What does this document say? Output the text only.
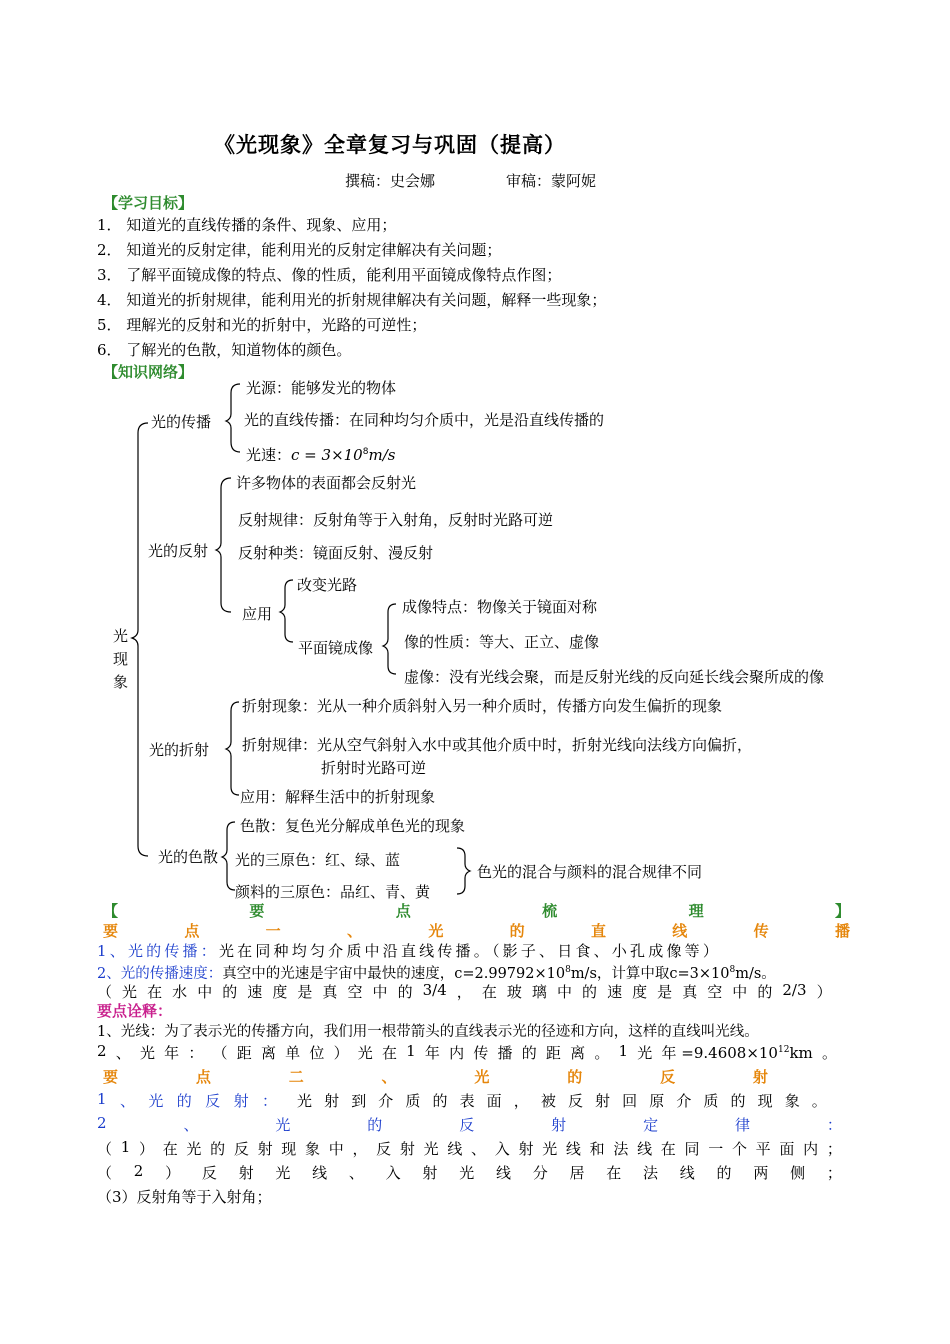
《光现象》全章复习与巩固（提高）
撰稿：史会娜	审稿：蒙阿妮
【学习目标】
1． 知道光的直线传播的条件、现象、应用；
2． 知道光的反射定律，能利用光的反射定律解决有关问题；
3． 了解平面镜成像的特点、像的性质，能利用平面镜成像特点作图；
4． 知道光的折射规律，能利用光的折射规律解决有关问题，解释一些现象；
5． 理解光的反射和光的折射中，光路的可逆性；
6． 了解光的色散，知道物体的颜色。
【知识网络】
光
现
象
光的传播
光源：能够发光的物体
光的直线传播：在同种均匀介质中，光是沿直线传播的
光速：$c = 3\times 10^8m/s$
光的反射
许多物体的表面都会反射光
反射规律：反射角等于入射角，反射时光路可逆
反射种类：镜面反射、漫反射
应用
改变光路
平面镜成像
成像特点：物像关于镜面对称
像的性质：等大、正立、虚像
虚像：没有光线会聚，而是反射光线的反向延长线会聚所成的像
光的折射
折射现象：光从一种介质斜射入另一种介质时，传播方向发生偏折的现象
折射规律：光从空气斜射入水中或其他介质中时，折射光线向法线方向偏折，
折射时光路可逆
应用：解释生活中的折射现象
光的色散
色散：复色光分解成单色光的现象
光的三原色：红、绿、蓝
颜料的三原色：品红、青、黄
色光的混合与颜料的混合规律不同
【	要	点	梳	理	】
要	点	一	、	光	的	直	线	传	播
1、光的传播：光在同种均匀介质中沿直线传播。（影子、日食、小孔成像等）
2、光的传播速度：真空中的光速是宇宙中最快的速度，$c=2.99792\times 10^8m/s$，计算中取$c=3\times 10^8m/s$。
（ 光 在 水 中 的 速 度 是 真 空 中 的 3/4 ， 在 玻 璃 中 的 速 度 是 真 空 中 的 2/3 ）
要点诠释：
1、光线：为了表示光的传播方向，我们用一根带箭头的直线表示光的径迹和方向，这样的直线叫光线。
2 、 光 年 ： （ 距 离 单 位 ） 光 在 1 年 内 传 播 的 距 离 。 1 光 年 $=9.4608\times 10^{12}km$ 。
要	点	二	、	光	的	反	射
1 、 光 的 反 射 ： 光 射 到 介 质 的 表 面 ， 被 反 射 回 原 介 质 的 现 象 。
2	、	光	的	反	射	定	律	：
（ 1 ） 在 光 的 反 射 现 象 中 ， 反 射 光 线 、 入 射 光 线 和 法 线 在 同 一 个 平 面 内 ；
（ 2 ） 反 射 光 线 、 入 射 光 线 分 居 在 法 线 的 两 侧 ；
（3）反射角等于入射角；
